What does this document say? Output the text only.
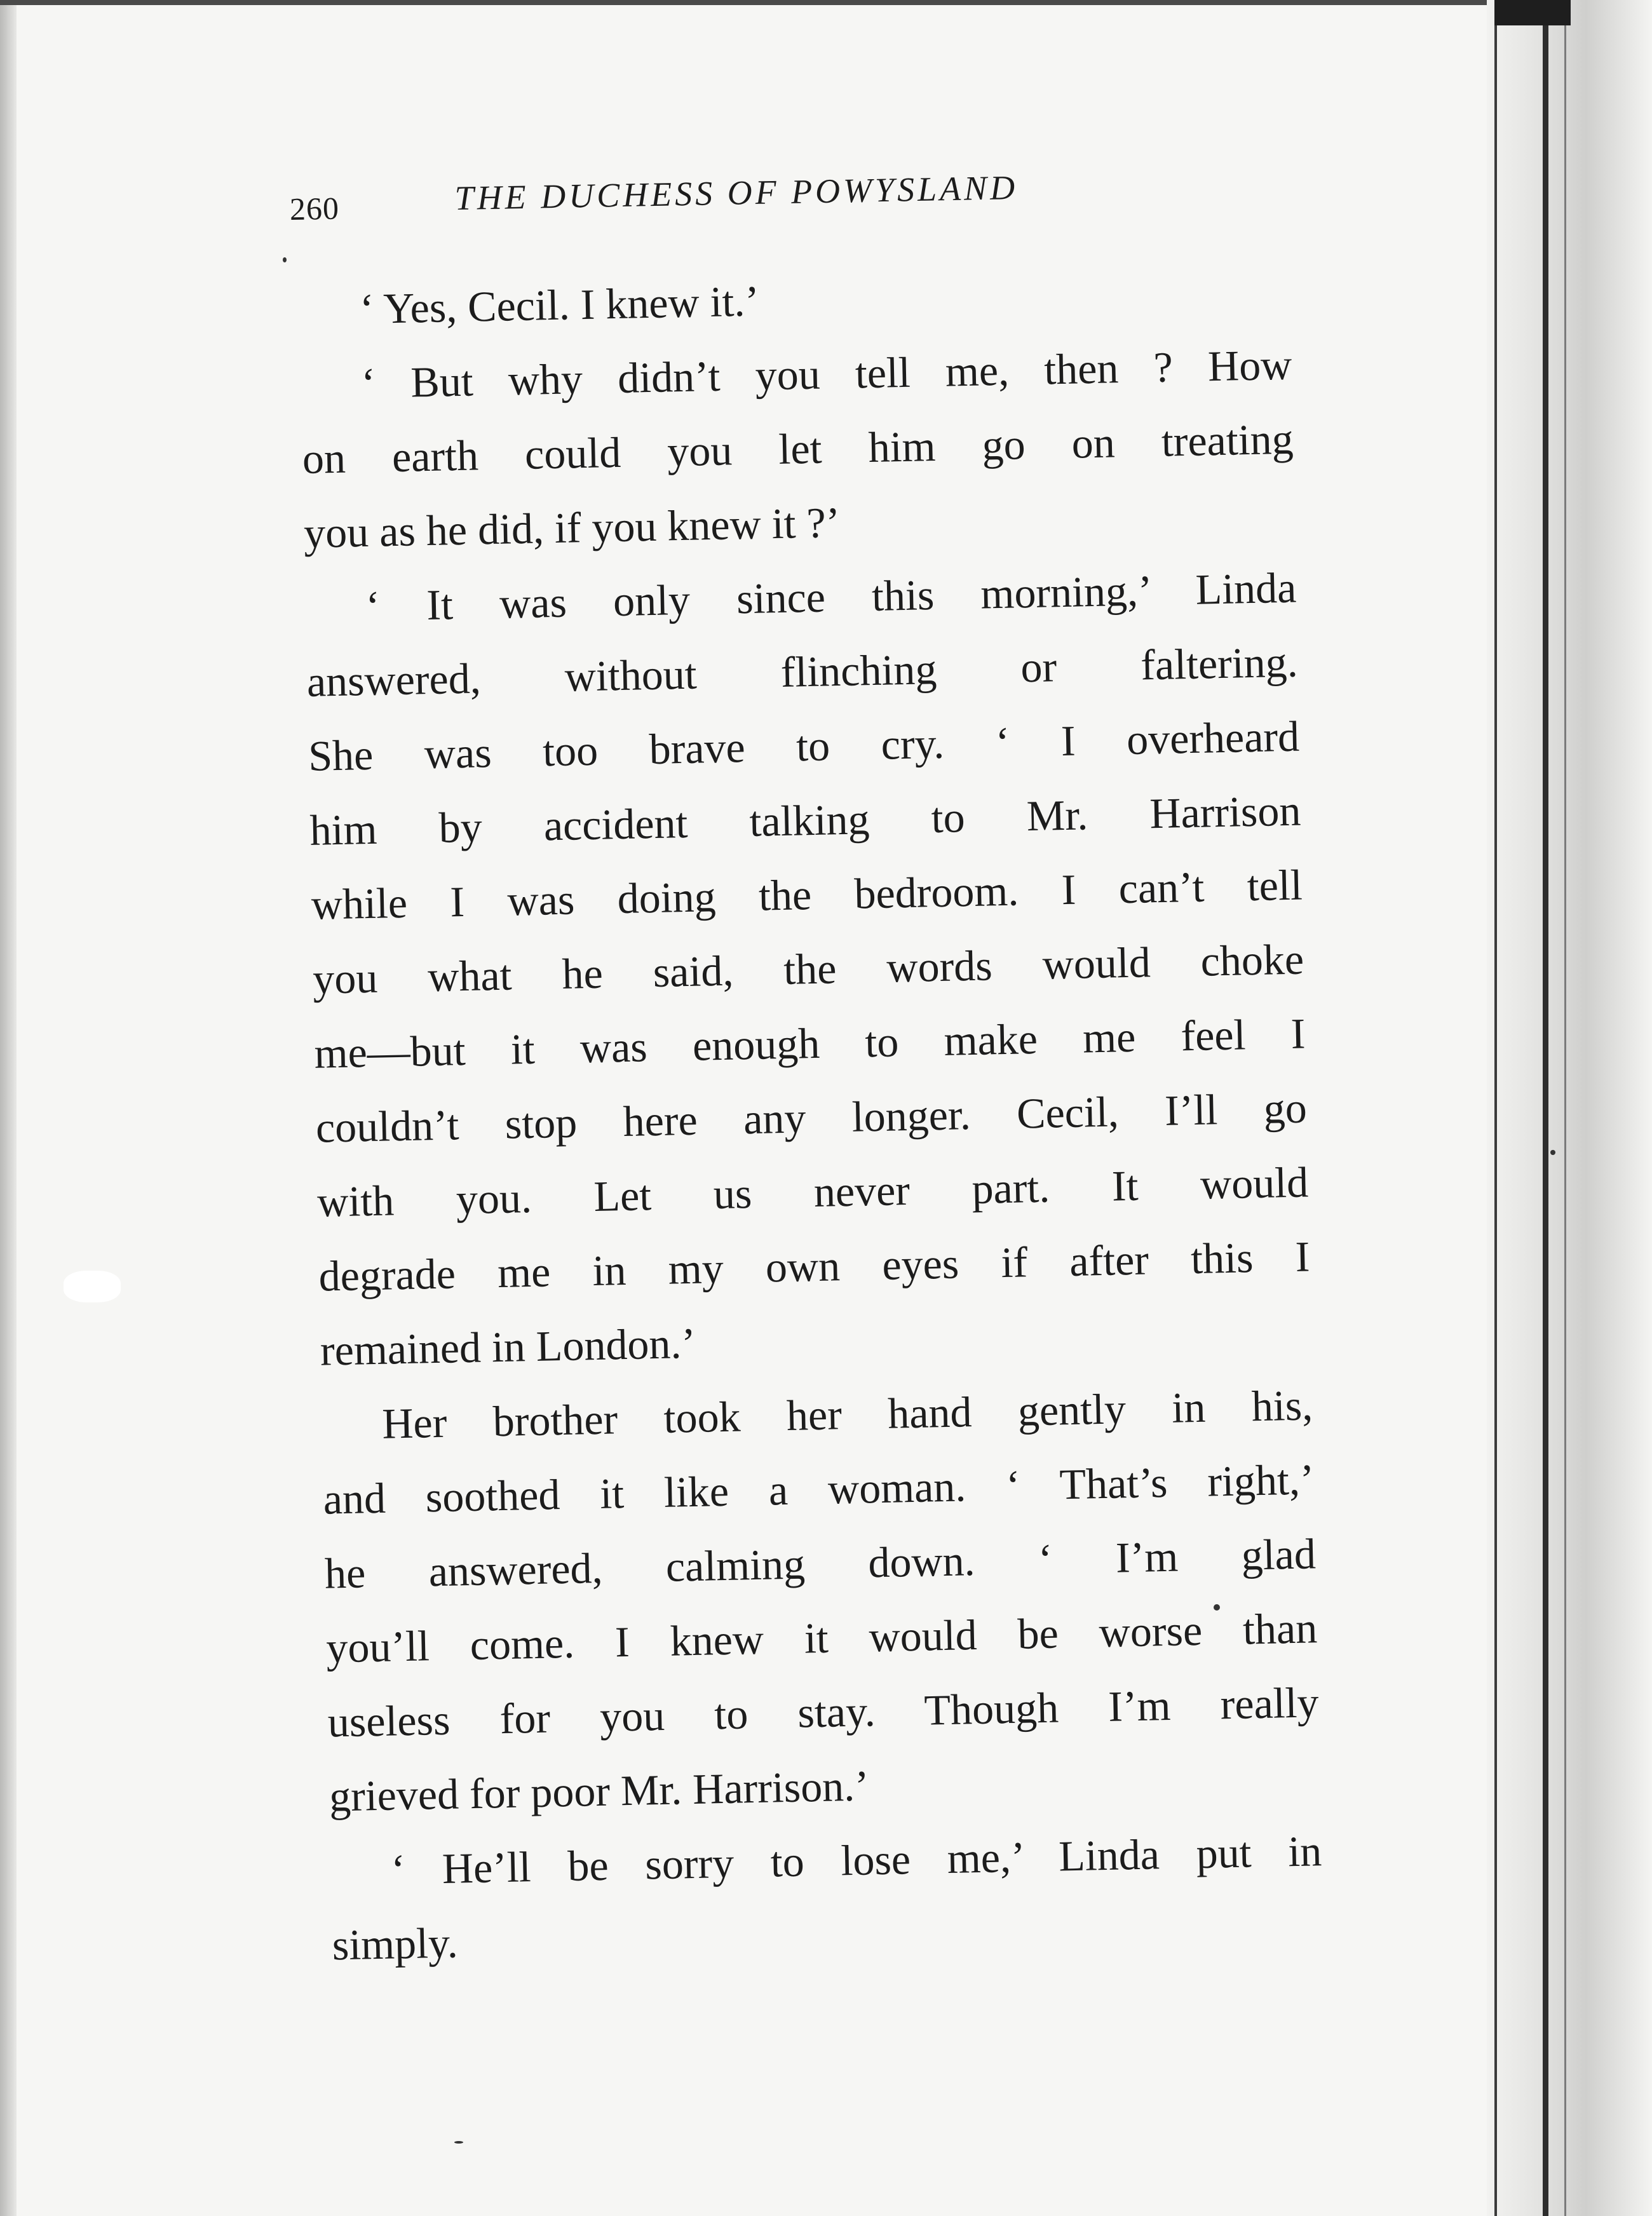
260	THE DUCHESS OF POWYSLAND
‘ Yes, Cecil. I knew it.’
‘ But why didn’t you tell me, then ? How
on earth could you let him go on treating
you as he did, if you knew it ?’
‘ It was only since this morning,’ Linda
answered, without flinching or faltering.
She was too brave to cry. ‘ I overheard
him by accident talking to Mr. Harrison
while I was doing the bedroom. I can’t tell
you what he said, the words would choke
me—but it was enough to make me feel I
couldn’t stop here any longer. Cecil, I’ll go
with you. Let us never part. It would
degrade me in my own eyes if after this I
remained in London.’
Her brother took her hand gently in his,
and soothed it like a woman. ‘ That’s right,’
he answered, calming down. ‘ I’m glad
you’ll come. I knew it would be worse than
useless for you to stay. Though I’m really
grieved for poor Mr. Harrison.’
‘ He’ll be sorry to lose me,’ Linda put in
simply.
